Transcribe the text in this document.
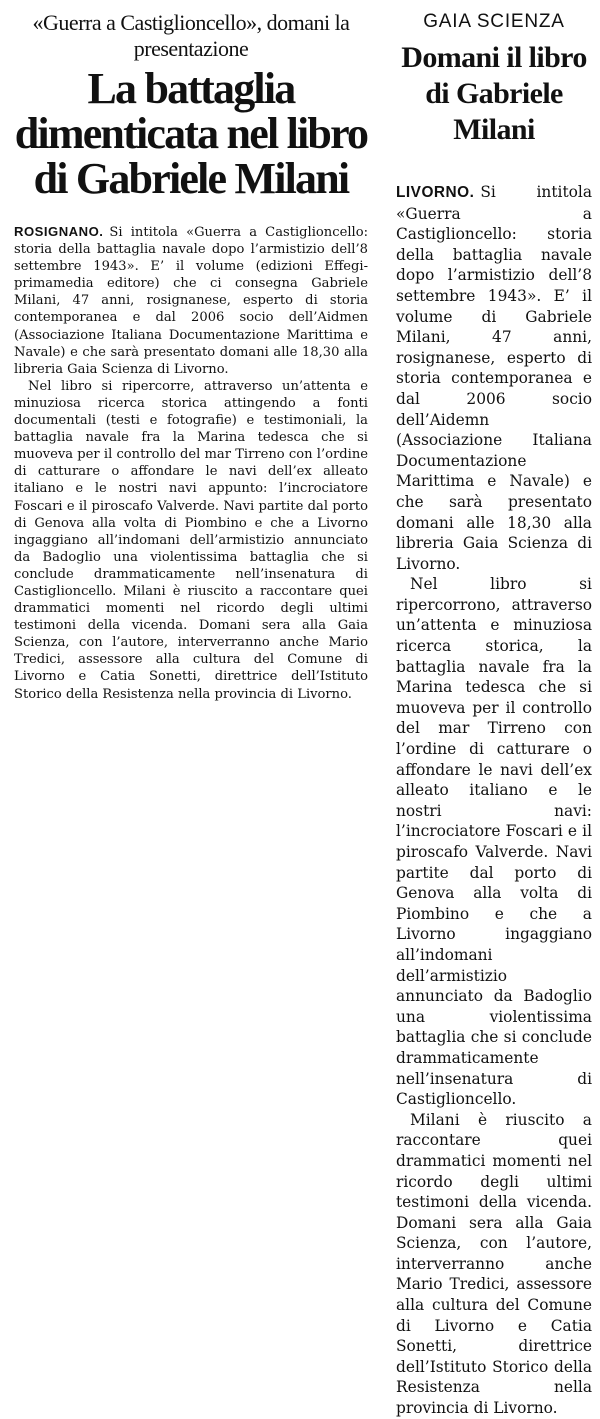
«Guerra a Castiglioncello», domani la presentazione

La battaglia dimenticata nel libro di Gabriele Milani

ROSIGNANO. Si intitola «Guerra a Castiglioncello: storia della battaglia navale dopo l’armistizio dell’8 settembre 1943». E’ il volume (edizioni Effegi-primamedia editore) che ci consegna Gabriele Milani, 47 anni, rosignanese, esperto di storia contemporanea e dal 2006 socio dell’Aidmen (Associazione Italiana Documentazione Marittima e Navale) e che sarà presentato domani alle 18,30 alla libreria Gaia Scienza di Livorno.

Nel libro si ripercorre, attraverso un’attenta e minuziosa ricerca storica attingendo a fonti documentali (testi e fotografie) e testimoniali, la battaglia navale fra la Marina tedesca che si muoveva per il controllo del mar Tirreno con l’ordine di catturare o affondare le navi dell’ex alleato italiano e le nostri navi appunto: l’incrociatore Foscari e il piroscafo Valverde. Navi partite dal porto di Genova alla volta di Piombino e che a Livorno ingaggiano all’indomani dell’armistizio annunciato da Badoglio una violentissima battaglia che si conclude drammaticamente nell’insenatura di Castiglioncello. Milani è riuscito a raccontare quei drammatici momenti nel ricordo degli ultimi testimoni della vicenda. Domani sera alla Gaia Scienza, con l’autore, interverranno anche Mario Tredici, assessore alla cultura del Comune di Livorno e Catia Sonetti, direttrice dell’Istituto Storico della Resistenza nella provincia di Livorno.

GAIA SCIENZA

Domani il libro di Gabriele Milani

LIVORNO. Si intitola «Guerra a Castiglioncello: storia della battaglia navale dopo l’armistizio dell’8 settembre 1943». E’ il volume di Gabriele Milani, 47 anni, rosignanese, esperto di storia contemporanea e dal 2006 socio dell’Aidemn (Associazione Italiana Documentazione Marittima e Navale) e che sarà presentato domani alle 18,30 alla libreria Gaia Scienza di Livorno.

Nel libro si ripercorrono, attraverso un’attenta e minuziosa ricerca storica, la battaglia navale fra la Marina tedesca che si muoveva per il controllo del mar Tirreno con l’ordine di catturare o affondare le navi dell’ex alleato italiano e le nostri navi: l’incrociatore Foscari e il piroscafo Valverde. Navi partite dal porto di Genova alla volta di Piombino e che a Livorno ingaggiano all’indomani dell’armistizio annunciato da Badoglio una violentissima battaglia che si conclude drammaticamente nell’insenatura di Castiglioncello.

Milani è riuscito a raccontare quei drammatici momenti nel ricordo degli ultimi testimoni della vicenda. Domani sera alla Gaia Scienza, con l’autore, interverranno anche Mario Tredici, assessore alla cultura del Comune di Livorno e Catia Sonetti, direttrice dell’Istituto Storico della Resistenza nella provincia di Livorno.
